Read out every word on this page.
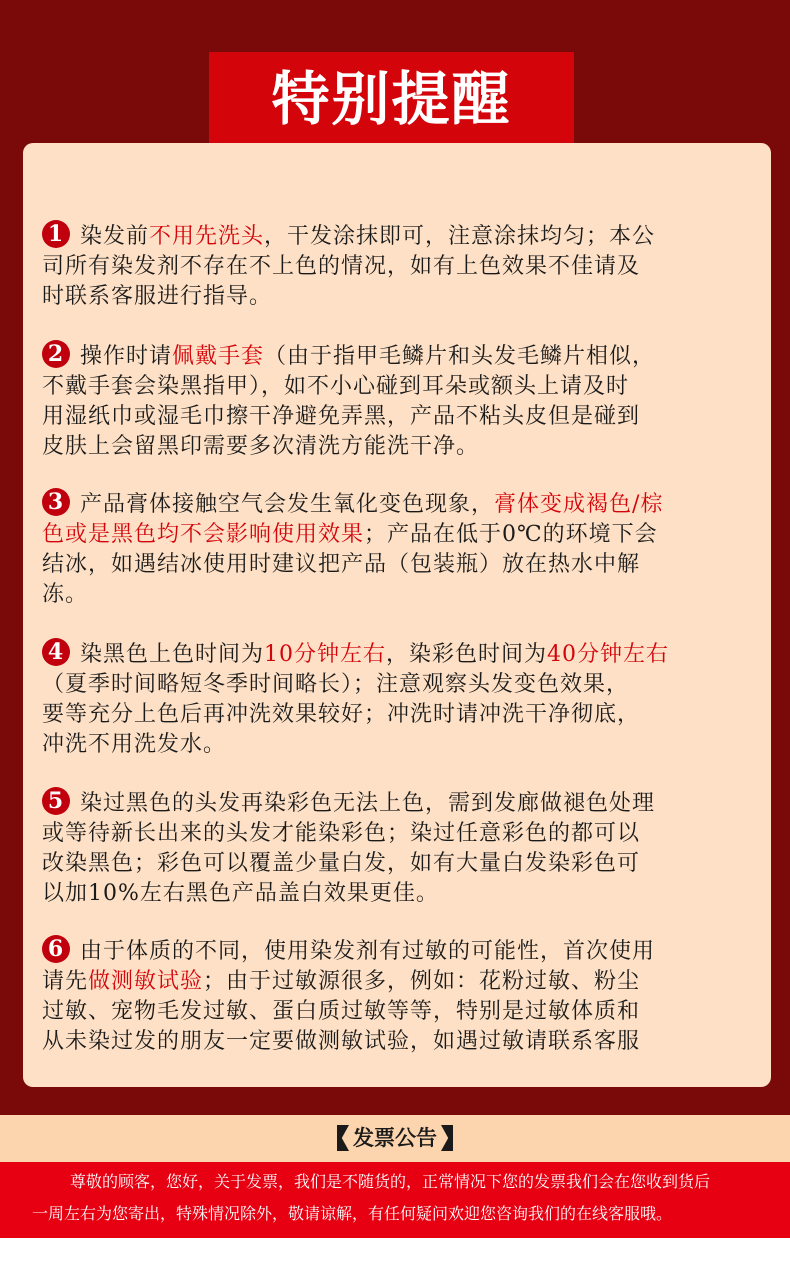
特别提醒
1 染发前不用先洗头，干发涂抹即可，注意涂抹均匀；本公
司所有染发剂不存在不上色的情况，如有上色效果不佳请及
时联系客服进行指导。
2 操作时请佩戴手套（由于指甲毛鳞片和头发毛鳞片相似，
不戴手套会染黑指甲），如不小心碰到耳朵或额头上请及时
用湿纸巾或湿毛巾擦干净避免弄黑，产品不粘头皮但是碰到
皮肤上会留黑印需要多次清洗方能洗干净。
3 产品膏体接触空气会发生氧化变色现象，膏体变成褐色/棕
色或是黑色均不会影响使用效果；产品在低于0℃的环境下会
结冰，如遇结冰使用时建议把产品（包装瓶）放在热水中解
冻。
4 染黑色上色时间为10分钟左右，染彩色时间为40分钟左右
（夏季时间略短冬季时间略长）；注意观察头发变色效果，
要等充分上色后再冲洗效果较好；冲洗时请冲洗干净彻底，
冲洗不用洗发水。
5 染过黑色的头发再染彩色无法上色，需到发廊做褪色处理
或等待新长出来的头发才能染彩色；染过任意彩色的都可以
改染黑色；彩色可以覆盖少量白发，如有大量白发染彩色可
以加10%左右黑色产品盖白效果更佳。
6 由于体质的不同，使用染发剂有过敏的可能性，首次使用
请先做测敏试验；由于过敏源很多，例如：花粉过敏、粉尘
过敏、宠物毛发过敏、蛋白质过敏等等，特别是过敏体质和
从未染过发的朋友一定要做测敏试验，如遇过敏请联系客服
发票公告
尊敬的顾客，您好，关于发票，我们是不随货的，正常情况下您的发票我们会在您收到货后
一周左右为您寄出，特殊情况除外，敬请谅解，有任何疑问欢迎您咨询我们的在线客服哦。
